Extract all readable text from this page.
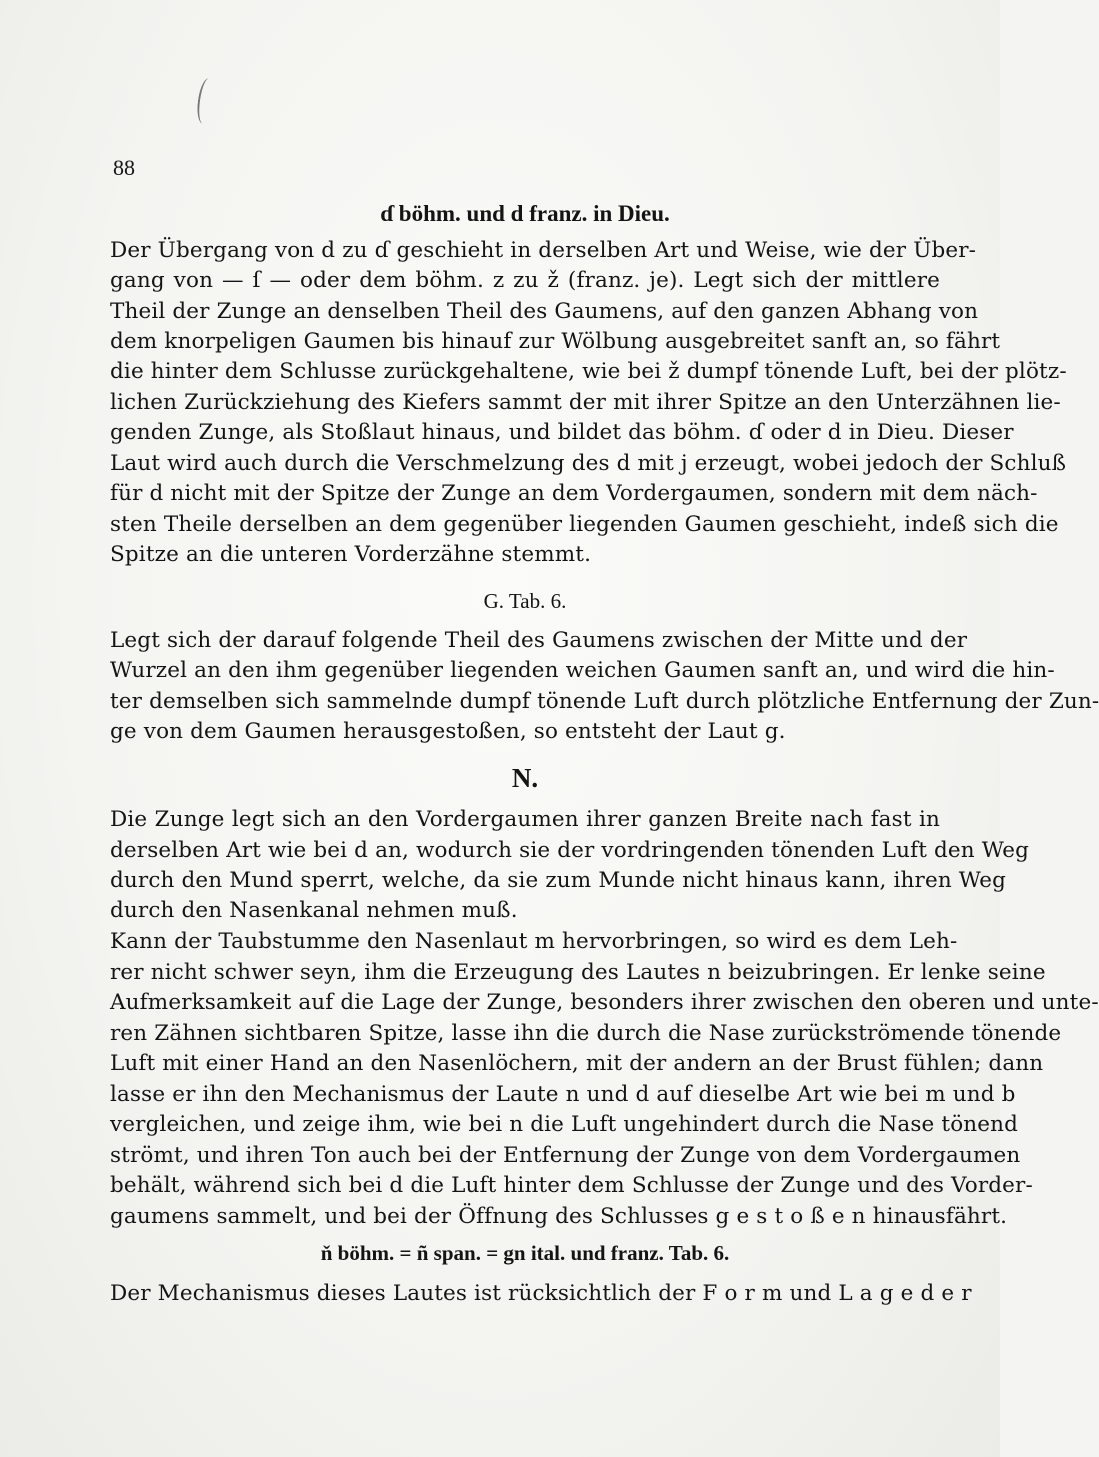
88
ɗ böhm. und d franz. in Dieu.
Der Übergang von d zu ɗ geschieht in derselben Art und Weise, wie der Über-
gang von — ſ — oder dem böhm. z zu ž (franz. je). Legt sich der mittlere
Theil der Zunge an denselben Theil des Gaumens, auf den ganzen Abhang von
dem knorpeligen Gaumen bis hinauf zur Wölbung ausgebreitet sanft an, so fährt
die hinter dem Schlusse zurückgehaltene, wie bei ž dumpf tönende Luft, bei der plötz-
lichen Zurückziehung des Kiefers sammt der mit ihrer Spitze an den Unterzähnen lie-
genden Zunge, als Stoßlaut hinaus, und bildet das böhm. ɗ oder d in Dieu. Dieser
Laut wird auch durch die Verschmelzung des d mit j erzeugt, wobei jedoch der Schluß
für d nicht mit der Spitze der Zunge an dem Vordergaumen, sondern mit dem näch-
sten Theile derselben an dem gegenüber liegenden Gaumen geschieht, indeß sich die
Spitze an die unteren Vorderzähne stemmt.
G. Tab. 6.
Legt sich der darauf folgende Theil des Gaumens zwischen der Mitte und der
Wurzel an den ihm gegenüber liegenden weichen Gaumen sanft an, und wird die hin-
ter demselben sich sammelnde dumpf tönende Luft durch plötzliche Entfernung der Zun-
ge von dem Gaumen herausgestoßen, so entsteht der Laut g.
N.
Die Zunge legt sich an den Vordergaumen ihrer ganzen Breite nach fast in
derselben Art wie bei d an, wodurch sie der vordringenden tönenden Luft den Weg
durch den Mund sperrt, welche, da sie zum Munde nicht hinaus kann, ihren Weg
durch den Nasenkanal nehmen muß.
Kann der Taubstumme den Nasenlaut m hervorbringen, so wird es dem Leh-
rer nicht schwer seyn, ihm die Erzeugung des Lautes n beizubringen. Er lenke seine
Aufmerksamkeit auf die Lage der Zunge, besonders ihrer zwischen den oberen und unte-
ren Zähnen sichtbaren Spitze, lasse ihn die durch die Nase zurückströmende tönende
Luft mit einer Hand an den Nasenlöchern, mit der andern an der Brust fühlen; dann
lasse er ihn den Mechanismus der Laute n und d auf dieselbe Art wie bei m und b
vergleichen, und zeige ihm, wie bei n die Luft ungehindert durch die Nase tönend
strömt, und ihren Ton auch bei der Entfernung der Zunge von dem Vordergaumen
behält, während sich bei d die Luft hinter dem Schlusse der Zunge und des Vorder-
gaumens sammelt, und bei der Öffnung des Schlusses g e s t o ß e n hinausfährt.
ň böhm. = ñ span. = gn ital. und franz. Tab. 6.
Der Mechanismus dieses Lautes ist rücksichtlich der F o r m und L a g e d e r
